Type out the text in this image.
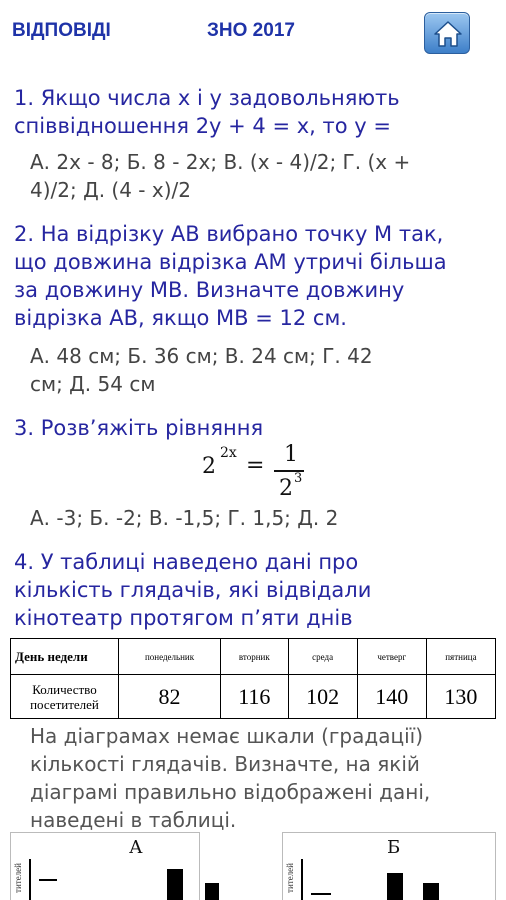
ВІДПОВІДІ	ЗНО 2017
1. Якщо числа x і y задовольняють
співвідношення 2y + 4 = x, то y =
А. 2x - 8; Б. 8 - 2x; В. (x - 4)/2; Г. (x +
4)/2; Д. (4 - x)/2
2. На відрізку AB вибрано точку M так,
що довжина відрізка AM утричі більша
за довжину MB. Визначте довжину
відрізка AB, якщо MB = 12 см.
А. 48 см; Б. 36 см; В. 24 см; Г. 42
см; Д. 54 см
3. Розв’яжіть рівняння
2
2x = 1
2 3
А. -3; Б. -2; В. -1,5; Г. 1,5; Д. 2
4. У таблиці наведено дані про
кількість глядачів, які відвідали
кінотеатр протягом п’яти днів
День недели	понедельник	вторник	среда	четверг	пятница

Количество
посетителей	82	116	102	140	130
На діаграмах немає шкали (градації)
кількості глядачів. Визначте, на якій
діаграмі правильно відображені дані,
наведені в таблиці.
А
тителей
Б
тителей
